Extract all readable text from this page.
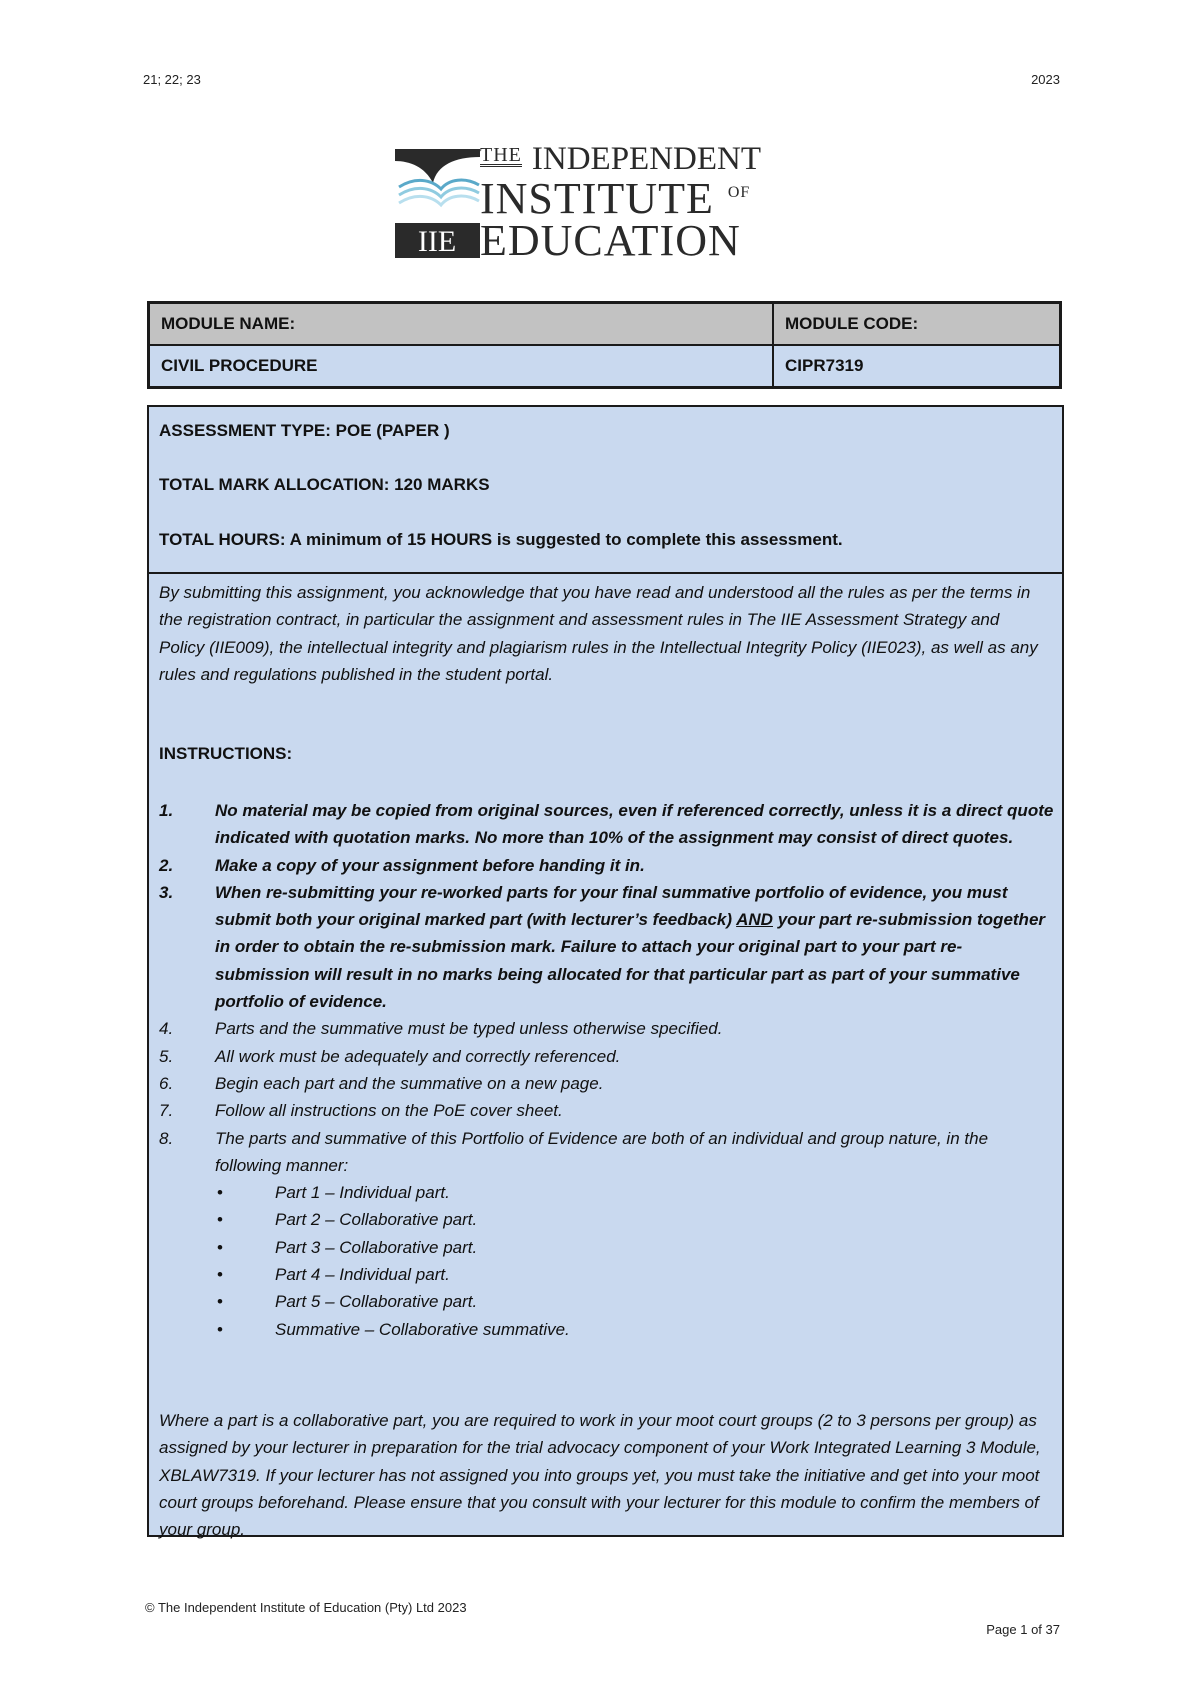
21; 22; 23	2023
IIE
THE INDEPENDENT
INSTITUTE OF
EDUCATION
MODULE NAME:	MODULE CODE:
CIVIL PROCEDURE	CIPR7319
ASSESSMENT TYPE: POE (PAPER )
TOTAL MARK ALLOCATION: 120 MARKS
TOTAL HOURS: A minimum of 15 HOURS is suggested to complete this assessment.
By submitting this assignment, you acknowledge that you have read and understood all the rules as per the terms in the registration contract, in particular the assignment and assessment rules in The IIE Assessment Strategy and Policy (IIE009), the intellectual integrity and plagiarism rules in the Intellectual Integrity Policy (IIE023), as well as any rules and regulations published in the student portal.
INSTRUCTIONS:
1. No material may be copied from original sources, even if referenced correctly, unless it is a direct quote indicated with quotation marks. No more than 10% of the assignment may consist of direct quotes.
2. Make a copy of your assignment before handing it in.
3. When re-submitting your re-worked parts for your final summative portfolio of evidence, you must submit both your original marked part (with lecturer’s feedback) AND your part re-submission together in order to obtain the re-submission mark. Failure to attach your original part to your part re-submission will result in no marks being allocated for that particular part as part of your summative portfolio of evidence.
4. Parts and the summative must be typed unless otherwise specified.
5. All work must be adequately and correctly referenced.
6. Begin each part and the summative on a new page.
7. Follow all instructions on the PoE cover sheet.
8. The parts and summative of this Portfolio of Evidence are both of an individual and group nature, in the following manner:
•	Part 1 – Individual part.
•	Part 2 – Collaborative part.
•	Part 3 – Collaborative part.
•	Part 4 – Individual part.
•	Part 5 – Collaborative part.
•	Summative – Collaborative summative.
Where a part is a collaborative part, you are required to work in your moot court groups (2 to 3 persons per group) as assigned by your lecturer in preparation for the trial advocacy component of your Work Integrated Learning 3 Module, XBLAW7319. If your lecturer has not assigned you into groups yet, you must take the initiative and get into your moot court groups beforehand. Please ensure that you consult with your lecturer for this module to confirm the members of your group.
© The Independent Institute of Education (Pty) Ltd 2023
Page 1 of 37
